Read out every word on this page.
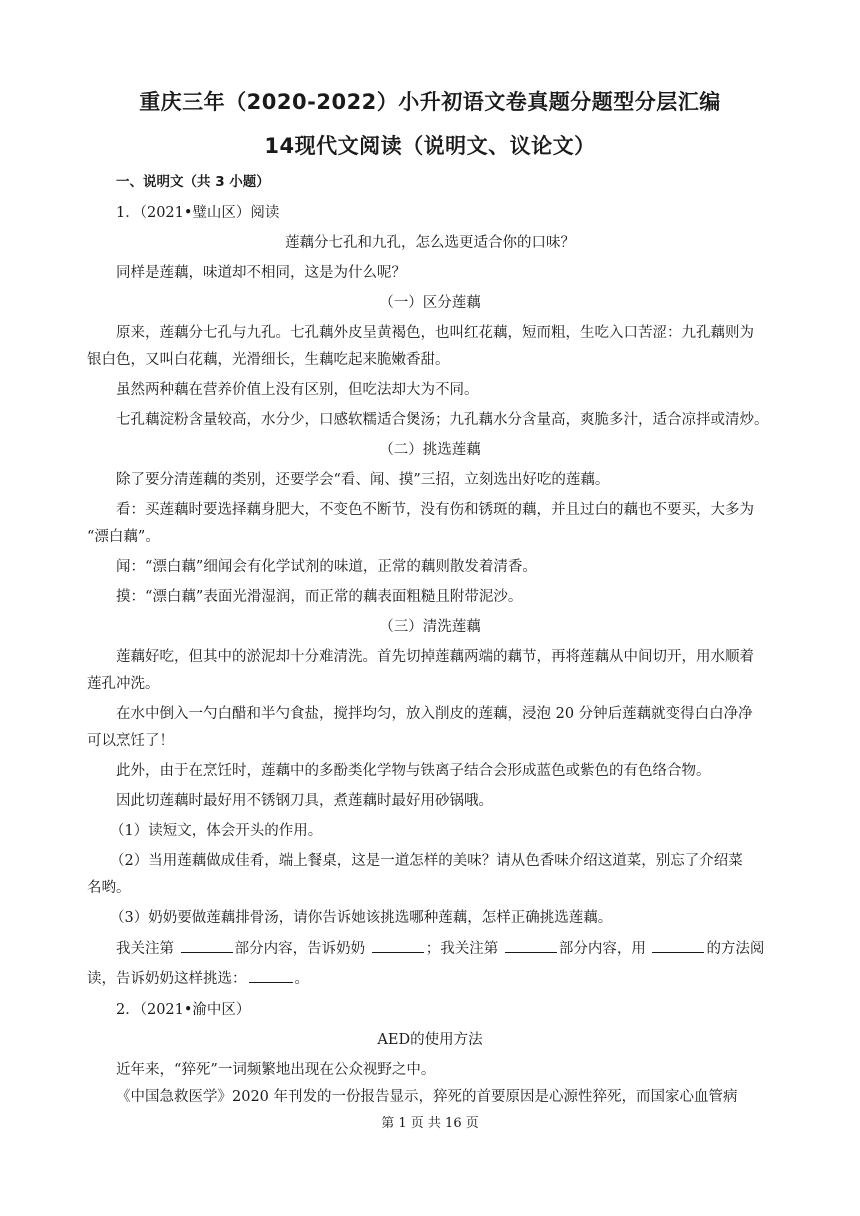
重庆三年（2020-2022）小升初语文卷真题分题型分层汇编
14现代文阅读（说明文、议论文）
一、说明文（共 3 小题）
1．（2021•璧山区）阅读
莲藕分七孔和九孔，怎么选更适合你的口味？
同样是莲藕，味道却不相同，这是为什么呢？
（一）区分莲藕
原来，莲藕分七孔与九孔。七孔藕外皮呈黄褐色，也叫红花藕，短而粗，生吃入口苦涩：九孔藕则为
银白色，又叫白花藕，光滑细长，生藕吃起来脆嫩香甜。
虽然两种藕在营养价值上没有区别，但吃法却大为不同。
七孔藕淀粉含量较高，水分少，口感软糯适合煲汤；九孔藕水分含量高，爽脆多汁，适合凉拌或清炒。
（二）挑选莲藕
除了要分清莲藕的类别，还要学会“看、闻、摸”三招，立刻选出好吃的莲藕。
看：买莲藕时要选择藕身肥大，不变色不断节，没有伤和锈斑的藕，并且过白的藕也不要买，大多为
“漂白藕”。
闻：“漂白藕”细闻会有化学试剂的味道，正常的藕则散发着清香。
摸：“漂白藕”表面光滑湿润，而正常的藕表面粗糙且附带泥沙。
（三）清洗莲藕
莲藕好吃，但其中的淤泥却十分难清洗。首先切掉莲藕两端的藕节，再将莲藕从中间切开，用水顺着
莲孔冲洗。
在水中倒入一勺白醋和半勺食盐，搅拌均匀，放入削皮的莲藕，浸泡 20 分钟后莲藕就变得白白净净
可以烹饪了！
此外，由于在烹饪时，莲藕中的多酚类化学物与铁离子结合会形成蓝色或紫色的有色络合物。
因此切莲藕时最好用不锈钢刀具，煮莲藕时最好用砂锅哦。
（1）读短文，体会开头的作用。
（2）当用莲藕做成佳肴，端上餐桌，这是一道怎样的美味？请从色香味介绍这道菜，别忘了介绍菜
名哟。
（3）奶奶要做莲藕排骨汤，请你告诉她该挑选哪种莲藕，怎样正确挑选莲藕。
我关注第	部分内容，告诉奶奶	；我关注第	部分内容，用	的方法阅
读，告诉奶奶这样挑选：	。
2．（2021•渝中区）
AED的使用方法
近年来，“猝死”一词频繁地出现在公众视野之中。
《中国急救医学》2020 年刊发的一份报告显示，猝死的首要原因是心源性猝死，而国家心血管病
第 1 页 共 16 页
